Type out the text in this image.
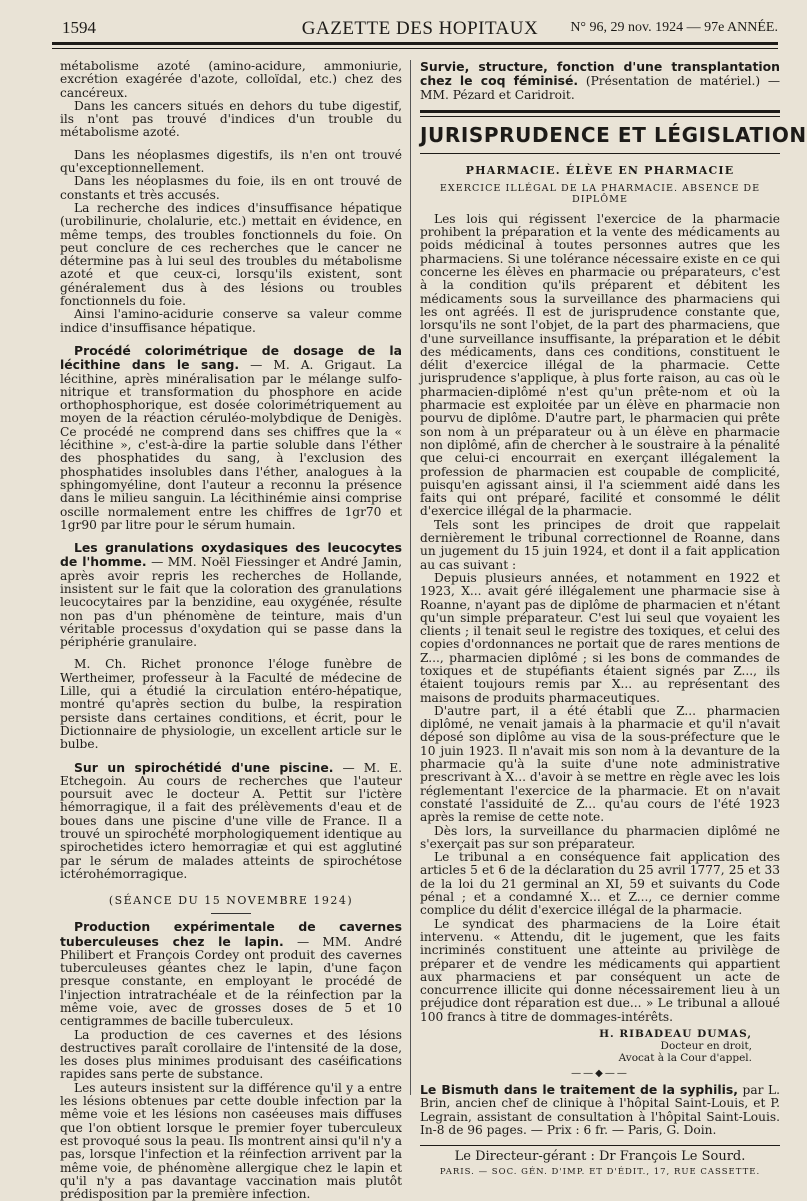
1594	GAZETTE DES HOPITAUX	N° 96, 29 nov. 1924 — 97e ANNÉE.

métabolisme azoté (amino-acidure, ammoniurie, excrétion exagérée d'azote, colloïdal, etc.) chez des cancéreux.

Dans les cancers situés en dehors du tube digestif, ils n'ont pas trouvé d'indices d'un trouble du métabolisme azoté.

Dans les néoplasmes digestifs, ils n'en ont trouvé qu'exceptionnellement.

Dans les néoplasmes du foie, ils en ont trouvé de constants et très accusés.

La recherche des indices d'insuffisance hépatique (urobilinurie, cholalurie, etc.) mettait en évidence, en même temps, des troubles fonctionnels du foie. On peut conclure de ces recherches que le cancer ne détermine pas à lui seul des troubles du métabolisme azoté et que ceux-ci, lorsqu'ils existent, sont généralement dus à des lésions ou troubles fonctionnels du foie.

Ainsi l'amino-acidurie conserve sa valeur comme indice d'insuffisance hépatique.

Procédé colorimétrique de dosage de la lécithine dans le sang. — M. A. Grigaut. La lécithine, après minéralisation par le mélange sulfo-nitrique et transformation du phosphore en acide orthophosphorique, est dosée colorimétriquement au moyen de la réaction céruléo-molybdique de Denigès. Ce procédé ne comprend dans ses chiffres que la « lécithine », c'est-à-dire la partie soluble dans l'éther des phosphatides du sang, à l'exclusion des phosphatides insolubles dans l'éther, analogues à la sphingomyéline, dont l'auteur a reconnu la présence dans le milieu sanguin. La lécithinémie ainsi comprise oscille normalement entre les chiffres de 1gr70 et 1gr90 par litre pour le sérum humain.

Les granulations oxydasiques des leucocytes de l'homme. — MM. Noël Fiessinger et André Jamin, après avoir repris les recherches de Hollande, insistent sur le fait que la coloration des granulations leucocytaires par la benzidine, eau oxygénée, résulte non pas d'un phénomène de teinture, mais d'un véritable processus d'oxydation qui se passe dans la périphérie granulaire.

M. Ch. Richet prononce l'éloge funèbre de Wertheimer, professeur à la Faculté de médecine de Lille, qui a étudié la circulation entéro-hépatique, montré qu'après section du bulbe, la respiration persiste dans certaines conditions, et écrit, pour le Dictionnaire de physiologie, un excellent article sur le bulbe.

Sur un spirochétidé d'une piscine. — M. E. Etchegoin. Au cours de recherches que l'auteur poursuit avec le docteur A. Pettit sur l'ictère hémorragique, il a fait des prélèvements d'eau et de boues dans une piscine d'une ville de France. Il a trouvé un spirochété morphologiquement identique au spirochetides ictero hemorragiæ et qui est agglutiné par le sérum de malades atteints de spirochétose ictérohémorragique.

(SÉANCE DU 15 NOVEMBRE 1924)

Production expérimentale de cavernes tuberculeuses chez le lapin. — MM. André Philibert et François Cordey ont produit des cavernes tuberculeuses géantes chez le lapin, d'une façon presque constante, en employant le procédé de l'injection intratrachéale et de la réinfection par la même voie, avec de grosses doses de 5 et 10 centigrammes de bacille tuberculeux.

La production de ces cavernes et des lésions destructives paraît corollaire de l'intensité de la dose, les doses plus minimes produisant des caséifications rapides sans perte de substance.

Les auteurs insistent sur la différence qu'il y a entre les lésions obtenues par cette double infection par la même voie et les lésions non caséeuses mais diffuses que l'on obtient lorsque le premier foyer tuberculeux est provoqué sous la peau. Ils montrent ainsi qu'il n'y a pas, lorsque l'infection et la réinfection arrivent par la même voie, de phénomène allergique chez le lapin et qu'il n'y a pas davantage vaccination mais plutôt prédisposition par la première infection.

Survie, structure, fonction d'une transplantation chez le coq féminisé. (Présentation de matériel.) — MM. Pézard et Caridroit.

JURISPRUDENCE ET LÉGISLATION
PHARMACIE. ÉLÈVE EN PHARMACIE
EXERCICE ILLÉGAL DE LA PHARMACIE. ABSENCE DE DIPLÔME

Les lois qui régissent l'exercice de la pharmacie prohibent la préparation et la vente des médicaments au poids médicinal à toutes personnes autres que les pharmaciens. Si une tolérance nécessaire existe en ce qui concerne les élèves en pharmacie ou préparateurs, c'est à la condition qu'ils préparent et débitent les médicaments sous la surveillance des pharmaciens qui les ont agréés. Il est de jurisprudence constante que, lorsqu'ils ne sont l'objet, de la part des pharmaciens, que d'une surveillance insuffisante, la préparation et le débit des médicaments, dans ces conditions, constituent le délit d'exercice illégal de la pharmacie. Cette jurisprudence s'applique, à plus forte raison, au cas où le pharmacien-diplômé n'est qu'un prête-nom et où la pharmacie est exploitée par un élève en pharmacie non pourvu de diplôme. D'autre part, le pharmacien qui prête son nom à un préparateur ou à un élève en pharmacie non diplômé, afin de chercher à le soustraire à la pénalité que celui-ci encourrait en exerçant illégalement la profession de pharmacien est coupable de complicité, puisqu'en agissant ainsi, il l'a sciemment aidé dans les faits qui ont préparé, facilité et consommé le délit d'exercice illégal de la pharmacie.

Tels sont les principes de droit que rappelait dernièrement le tribunal correctionnel de Roanne, dans un jugement du 15 juin 1924, et dont il a fait application au cas suivant :

Depuis plusieurs années, et notamment en 1922 et 1923, X... avait géré illégalement une pharmacie sise à Roanne, n'ayant pas de diplôme de pharmacien et n'étant qu'un simple préparateur. C'est lui seul que voyaient les clients ; il tenait seul le registre des toxiques, et celui des copies d'ordonnances ne portait que de rares mentions de Z..., pharmacien diplômé ; si les bons de commandes de toxiques et de stupéfiants étaient signés par Z..., ils étaient toujours remis par X... au représentant des maisons de produits pharmaceutiques.

D'autre part, il a été établi que Z... pharmacien diplômé, ne venait jamais à la pharmacie et qu'il n'avait déposé son diplôme au visa de la sous-préfecture que le 10 juin 1923. Il n'avait mis son nom à la devanture de la pharmacie qu'à la suite d'une note administrative prescrivant à X... d'avoir à se mettre en règle avec les lois réglementant l'exercice de la pharmacie. Et on n'avait constaté l'assiduité de Z... qu'au cours de l'été 1923 après la remise de cette note.

Dès lors, la surveillance du pharmacien diplômé ne s'exerçait pas sur son préparateur.

Le tribunal a en conséquence fait application des articles 5 et 6 de la déclaration du 25 avril 1777, 25 et 33 de la loi du 21 germinal an XI, 59 et suivants du Code pénal ; et a condamné X... et Z..., ce dernier comme complice du délit d'exercice illégal de la pharmacie.

Le syndicat des pharmaciens de la Loire était intervenu. « Attendu, dit le jugement, que les faits incriminés constituent une atteinte au privilège de préparer et de vendre les médicaments qui appartient aux pharmaciens et par conséquent un acte de concurrence illicite qui donne nécessairement lieu à un préjudice dont réparation est due... » Le tribunal a alloué 100 francs à titre de dommages-intérêts.

H. RIBADEAU DUMAS,
Docteur en droit,
Avocat à la Cour d'appel.
——◆——

Le Bismuth dans le traitement de la syphilis, par L. Brin, ancien chef de clinique à l'hôpital Saint-Louis, et P. Legrain, assistant de consultation à l'hôpital Saint-Louis. In-8 de 96 pages. — Prix : 6 fr. — Paris, G. Doin.

Le Directeur-gérant : Dr François Le Sourd.
PARIS. — SOC. GÉN. D'IMP. ET D'ÉDIT., 17, RUE CASSETTE.
